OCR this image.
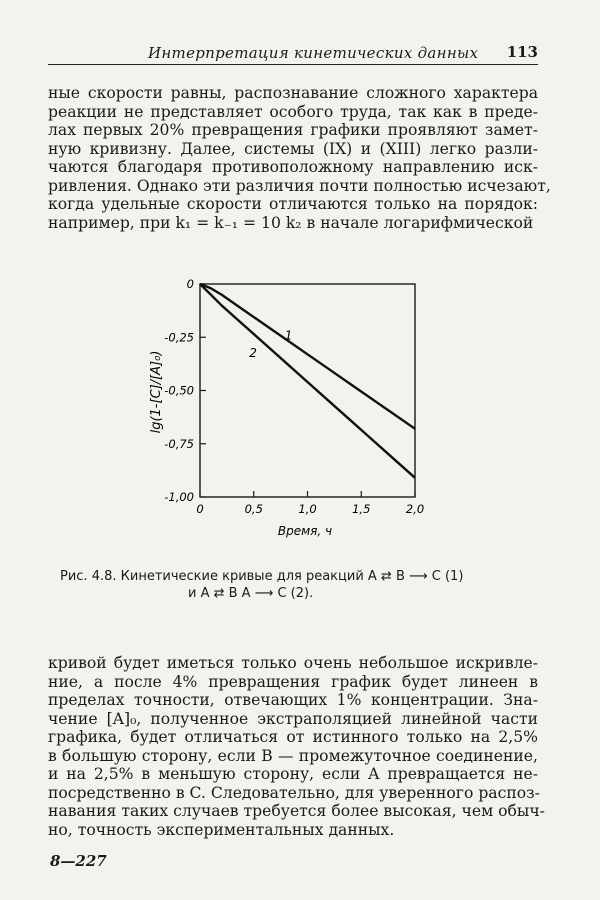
Интерпретация кинетических данных 113

ные скорости равны, распознавание сложного характера
реакции не представляет особого труда, так как в преде-
лах первых 20% превращения графики проявляют замет-
ную кривизну. Далее, системы (IX) и (XIII) легко разли-
чаются благодаря противоположному направлению иск-
ривления. Однако эти различия почти полностью исчезают,
когда удельные скорости отличаются только на порядок:
например, при k₁ = k₋₁ = 10 k₂ в начале логарифмической

0
-0,25
-0,50
-0,75
-1,00
0	0,5	1,0	1,5	2,0
1
2
lg(1-[C]/[A]₀)
Время, ч
Рис. 4.8. Кинетические кривые для реакций A ⇄ B ⟶ C (1)
и A ⇄ B A ⟶ C (2).

кривой будет иметься только очень небольшое искривле-
ние, а после 4% превращения график будет линеен в
пределах точности, отвечающих 1% концентрации. Зна-
чение [A]₀, полученное экстраполяцией линейной части
графика, будет отличаться от истинного только на 2,5%
в большую сторону, если B — промежуточное соединение,
и на 2,5% в меньшую сторону, если A превращается не-
посредственно в C. Следовательно, для уверенного распоз-
навания таких случаев требуется более высокая, чем обыч-
но, точность экспериментальных данных.

8—227
